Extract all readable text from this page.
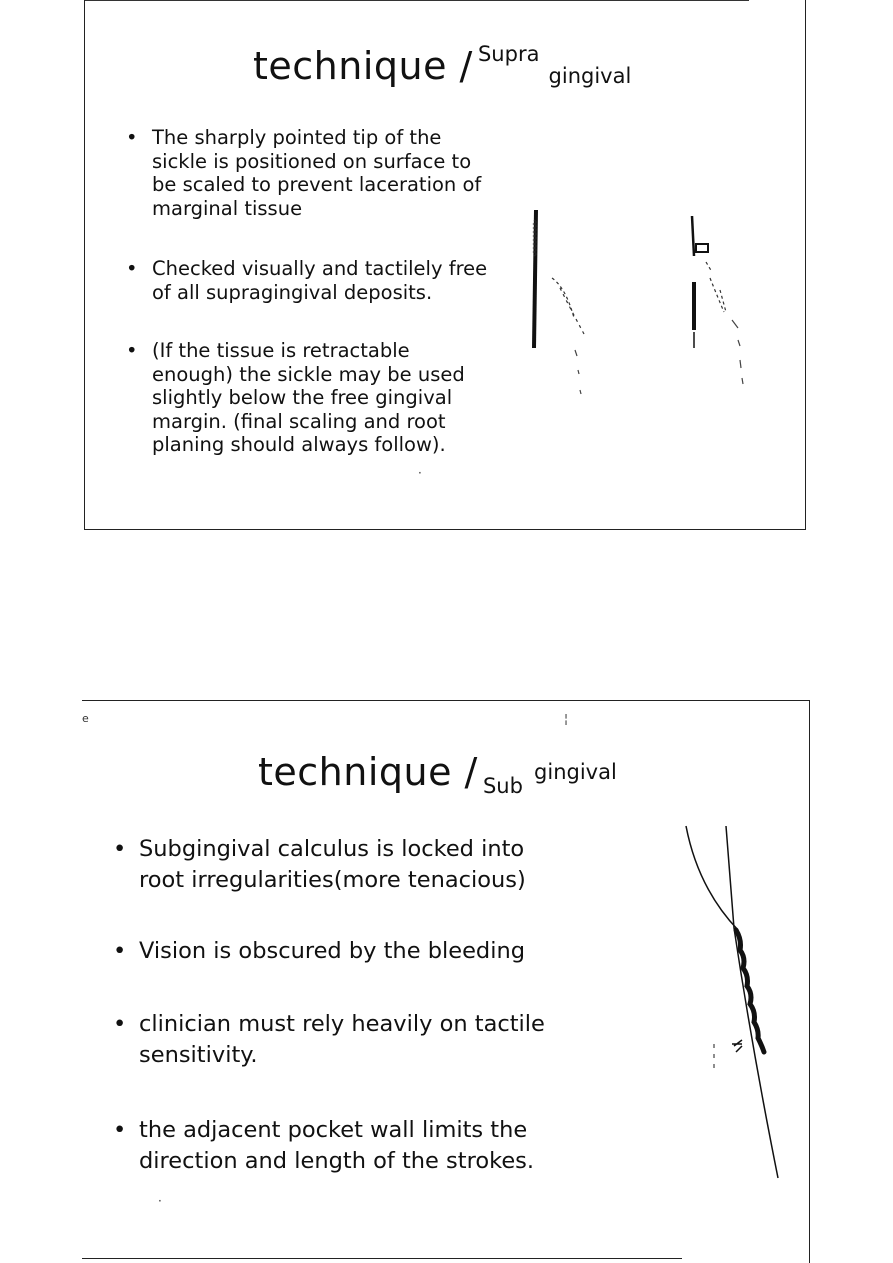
technique / Supra gingival
• The sharply pointed tip of the sickle is positioned on surface to be scaled to prevent laceration of marginal tissue
• Checked visually and tactilely free of all supragingival deposits.
• (If the tissue is retractable enough) the sickle may be used slightly below the free gingival margin. (final scaling and root planing should always follow).
·
e	¦
technique / Sub gingival
• Subgingival calculus is locked into root irregularities(more tenacious)
• Vision is obscured by the bleeding
• clinician must rely heavily on tactile sensitivity.
• the adjacent pocket wall limits the direction and length of the strokes.
·
